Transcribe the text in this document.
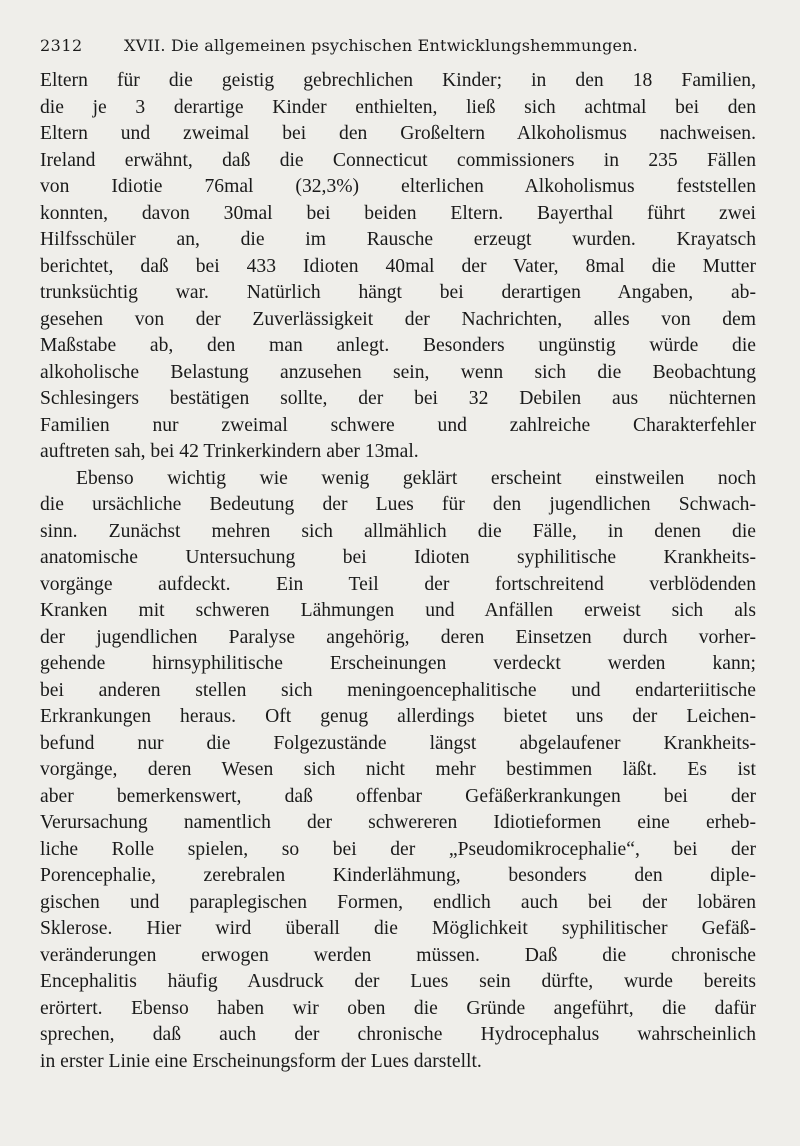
2312	XVII. Die allgemeinen psychischen Entwicklungshemmungen.
Eltern für die geistig gebrechlichen Kinder; in den 18 Familien,
die je 3 derartige Kinder enthielten, ließ sich achtmal bei den
Eltern und zweimal bei den Großeltern Alkoholismus nachweisen.
Ireland erwähnt, daß die Connecticut commissioners in 235 Fällen
von Idiotie 76mal (32,3%) elterlichen Alkoholismus feststellen
konnten, davon 30mal bei beiden Eltern. Bayerthal führt zwei
Hilfsschüler an, die im Rausche erzeugt wurden. Krayatsch
berichtet, daß bei 433 Idioten 40mal der Vater, 8mal die Mutter
trunksüchtig war. Natürlich hängt bei derartigen Angaben, ab-
gesehen von der Zuverlässigkeit der Nachrichten, alles von dem
Maßstabe ab, den man anlegt. Besonders ungünstig würde die
alkoholische Belastung anzusehen sein, wenn sich die Beobachtung
Schlesingers bestätigen sollte, der bei 32 Debilen aus nüchternen
Familien nur zweimal schwere und zahlreiche Charakterfehler
auftreten sah, bei 42 Trinkerkindern aber 13mal.
Ebenso wichtig wie wenig geklärt erscheint einstweilen noch
die ursächliche Bedeutung der Lues für den jugendlichen Schwach-
sinn. Zunächst mehren sich allmählich die Fälle, in denen die
anatomische Untersuchung bei Idioten syphilitische Krankheits-
vorgänge aufdeckt. Ein Teil der fortschreitend verblödenden
Kranken mit schweren Lähmungen und Anfällen erweist sich als
der jugendlichen Paralyse angehörig, deren Einsetzen durch vorher-
gehende hirnsyphilitische Erscheinungen verdeckt werden kann;
bei anderen stellen sich meningoencephalitische und endarteriitische
Erkrankungen heraus. Oft genug allerdings bietet uns der Leichen-
befund nur die Folgezustände längst abgelaufener Krankheits-
vorgänge, deren Wesen sich nicht mehr bestimmen läßt. Es ist
aber bemerkenswert, daß offenbar Gefäßerkrankungen bei der
Verursachung namentlich der schwereren Idiotieformen eine erheb-
liche Rolle spielen, so bei der „Pseudomikrocephalie“, bei der
Porencephalie, zerebralen Kinderlähmung, besonders den diple-
gischen und paraplegischen Formen, endlich auch bei der lobären
Sklerose. Hier wird überall die Möglichkeit syphilitischer Gefäß-
veränderungen erwogen werden müssen. Daß die chronische
Encephalitis häufig Ausdruck der Lues sein dürfte, wurde bereits
erörtert. Ebenso haben wir oben die Gründe angeführt, die dafür
sprechen, daß auch der chronische Hydrocephalus wahrscheinlich
in erster Linie eine Erscheinungsform der Lues darstellt.
